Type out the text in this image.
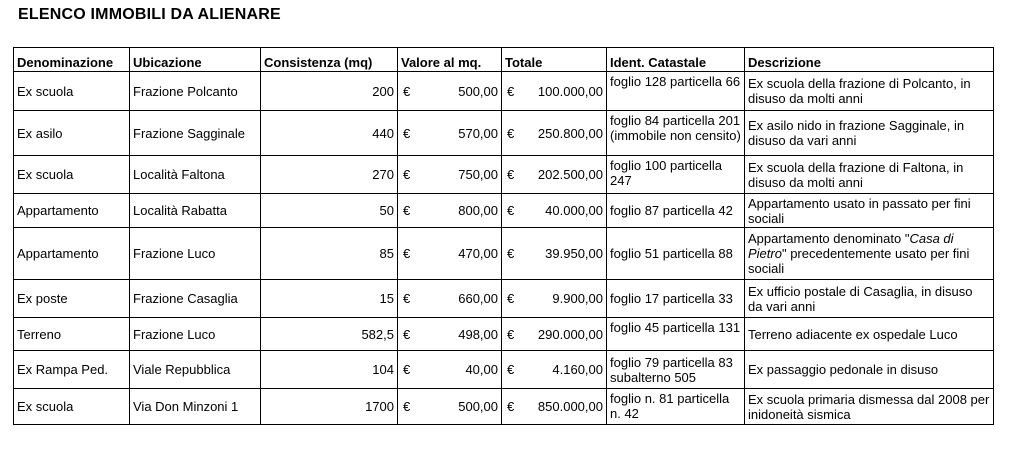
ELENCO IMMOBILI DA ALIENARE
Denominazione	Ubicazione	Consistenza (mq)	Valore al mq.	Totale	Ident. Catastale	Descrizione
Ex scuola	Frazione Polcanto	200	€ 500,00	€ 100.000,00	foglio 128 particella 66	Ex scuola della frazione di Polcanto, in disuso da molti anni
Ex asilo	Frazione Sagginale	440	€ 570,00	€ 250.800,00	foglio 84 particella 201 (immobile non censito)	Ex asilo nido in frazione Sagginale, in disuso da vari anni
Ex scuola	Località Faltona	270	€ 750,00	€ 202.500,00	foglio 100 particella 247	Ex scuola della frazione di Faltona, in disuso da molti anni
Appartamento	Località Rabatta	50	€ 800,00	€ 40.000,00	foglio 87 particella 42	Appartamento usato in passato per fini sociali
Appartamento	Frazione Luco	85	€ 470,00	€ 39.950,00	foglio 51 particella 88	Appartamento denominato "Casa di Pietro" precedentemente usato per fini sociali
Ex poste	Frazione Casaglia	15	€ 660,00	€ 9.900,00	foglio 17 particella 33	Ex ufficio postale di Casaglia, in disuso da vari anni
Terreno	Frazione Luco	582,5	€ 498,00	€ 290.000,00	foglio 45 particella 131	Terreno adiacente ex ospedale Luco
Ex Rampa Ped.	Viale Repubblica	104	€ 40,00	€ 4.160,00	foglio 79 particella 83 subalterno 505	Ex passaggio pedonale in disuso
Ex scuola	Via Don Minzoni 1	1700	€ 500,00	€ 850.000,00	foglio n. 81 particella n. 42	Ex scuola primaria dismessa dal 2008 per inidoneità sismica
